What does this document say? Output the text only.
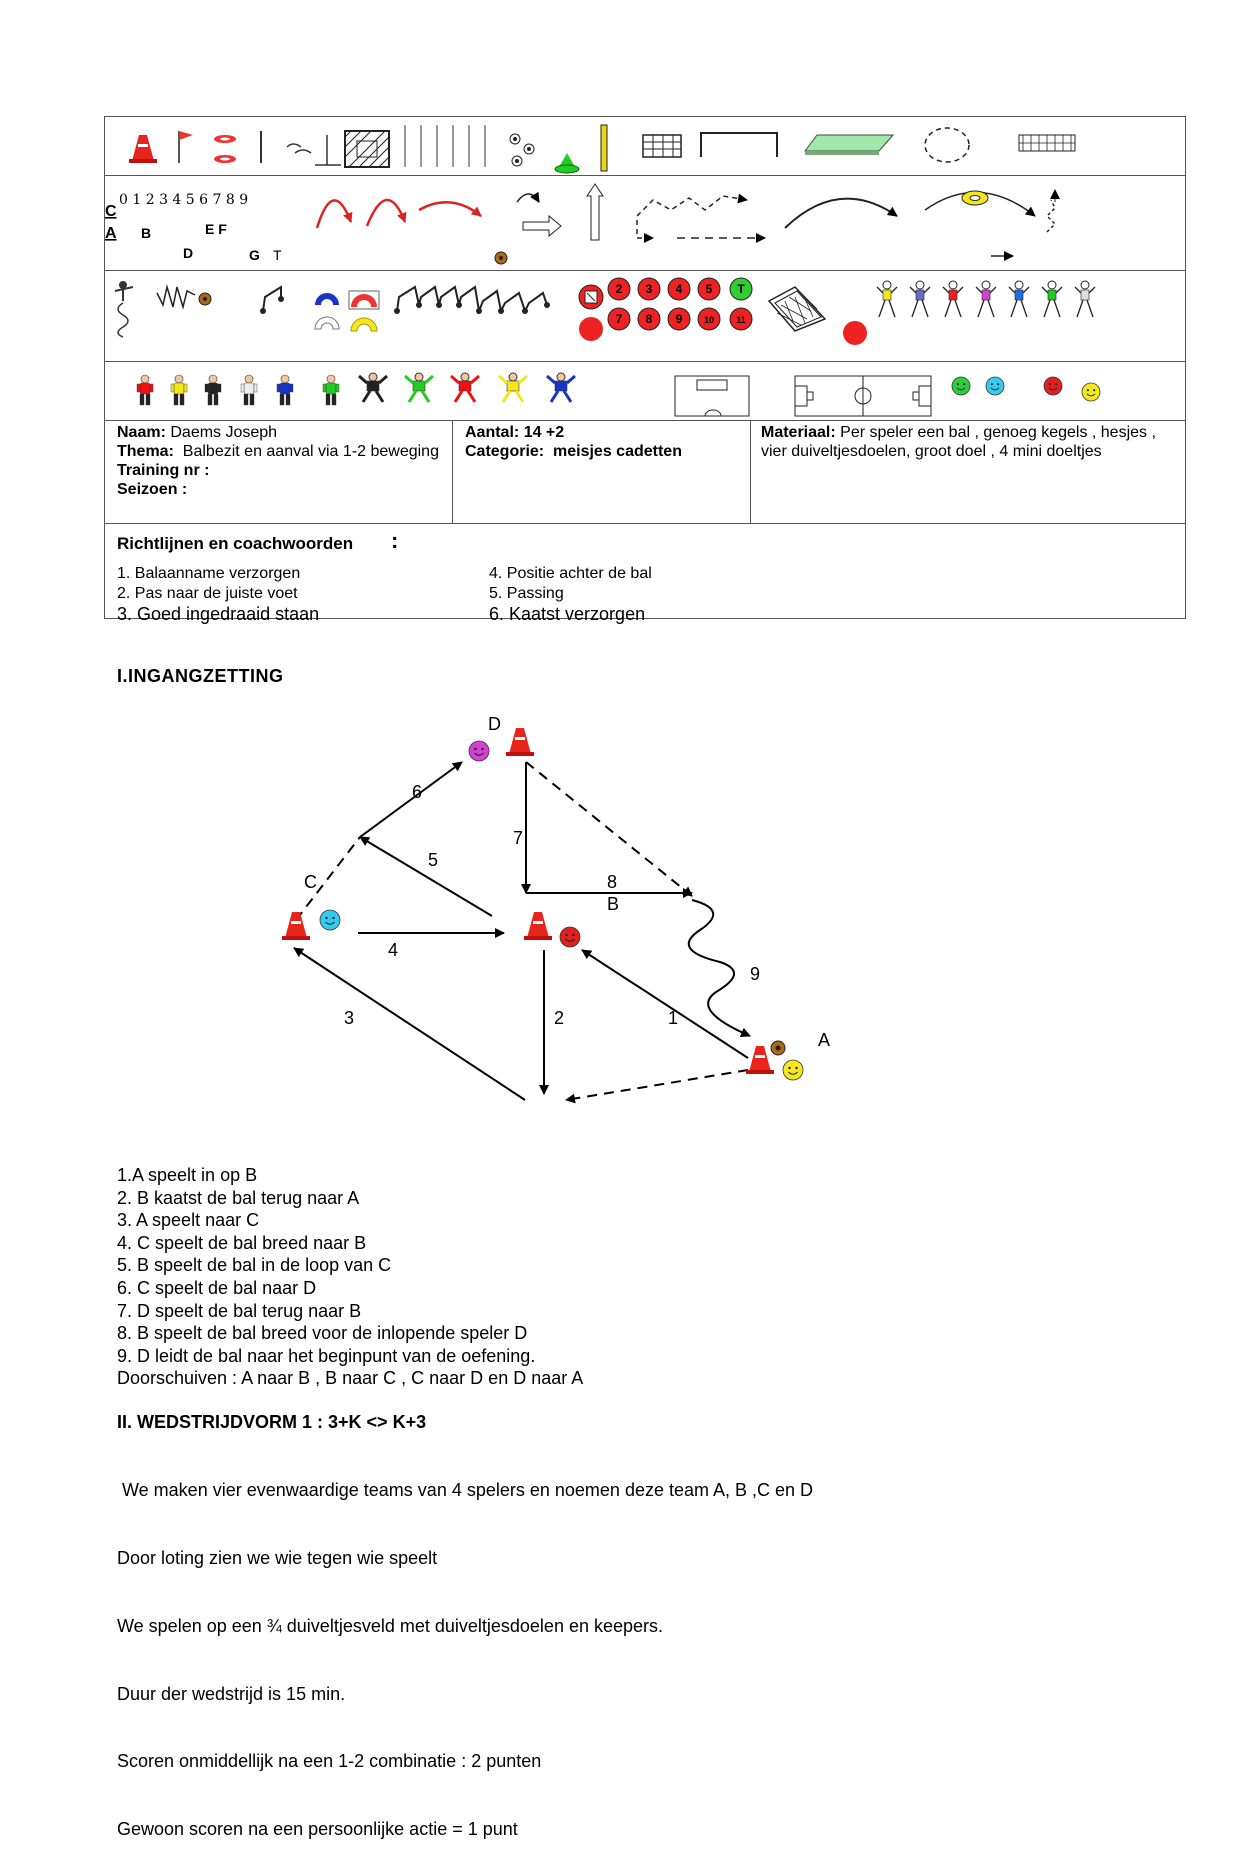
0 1 2 3 4 5 6 7 8 9
C
A B	E F
D	G T
2 3 4 5 T
7 8 9 10 11
Naam: Daems Joseph
Thema: Balbezit en aanval via 1-2 beweging
Training nr :
Seizoen :
Aantal: 14 +2
Categorie: meisjes cadetten
Materiaal: Per speler een bal , genoeg kegels , hesjes , vier duiveltjesdoelen, groot doel , 4 mini doeltjes
Richtlijnen en coachwoorden :
1. Balaanname verzorgen
2. Pas naar de juiste voet
3. Goed ingedraaid staan
4. Positie achter de bal
5. Passing
6. Kaatst verzorgen
I.INGANGZETTING
D
C
B
A
1
2
3
4
5
6
7
8
9
1.A speelt in op B
2. B kaatst de bal terug naar A
3. A speelt naar C
4. C speelt de bal breed naar B
5. B speelt de bal in de loop van C
6. C speelt de bal naar D
7. D speelt de bal terug naar B
8. B speelt de bal breed voor de inlopende speler D
9. D leidt de bal naar het beginpunt van de oefening.
Doorschuiven : A naar B , B naar C , C naar D en D naar A
II. WEDSTRIJDVORM 1 : 3+K <> K+3

We maken vier evenwaardige teams van 4 spelers en noemen deze team A, B ,C en D

Door loting zien we wie tegen wie speelt

We spelen op een ¾ duiveltjesveld met duiveltjesdoelen en keepers.

Duur der wedstrijd is 15 min.

Scoren onmiddellijk na een 1-2 combinatie : 2 punten

Gewoon scoren na een persoonlijke actie = 1 punt
